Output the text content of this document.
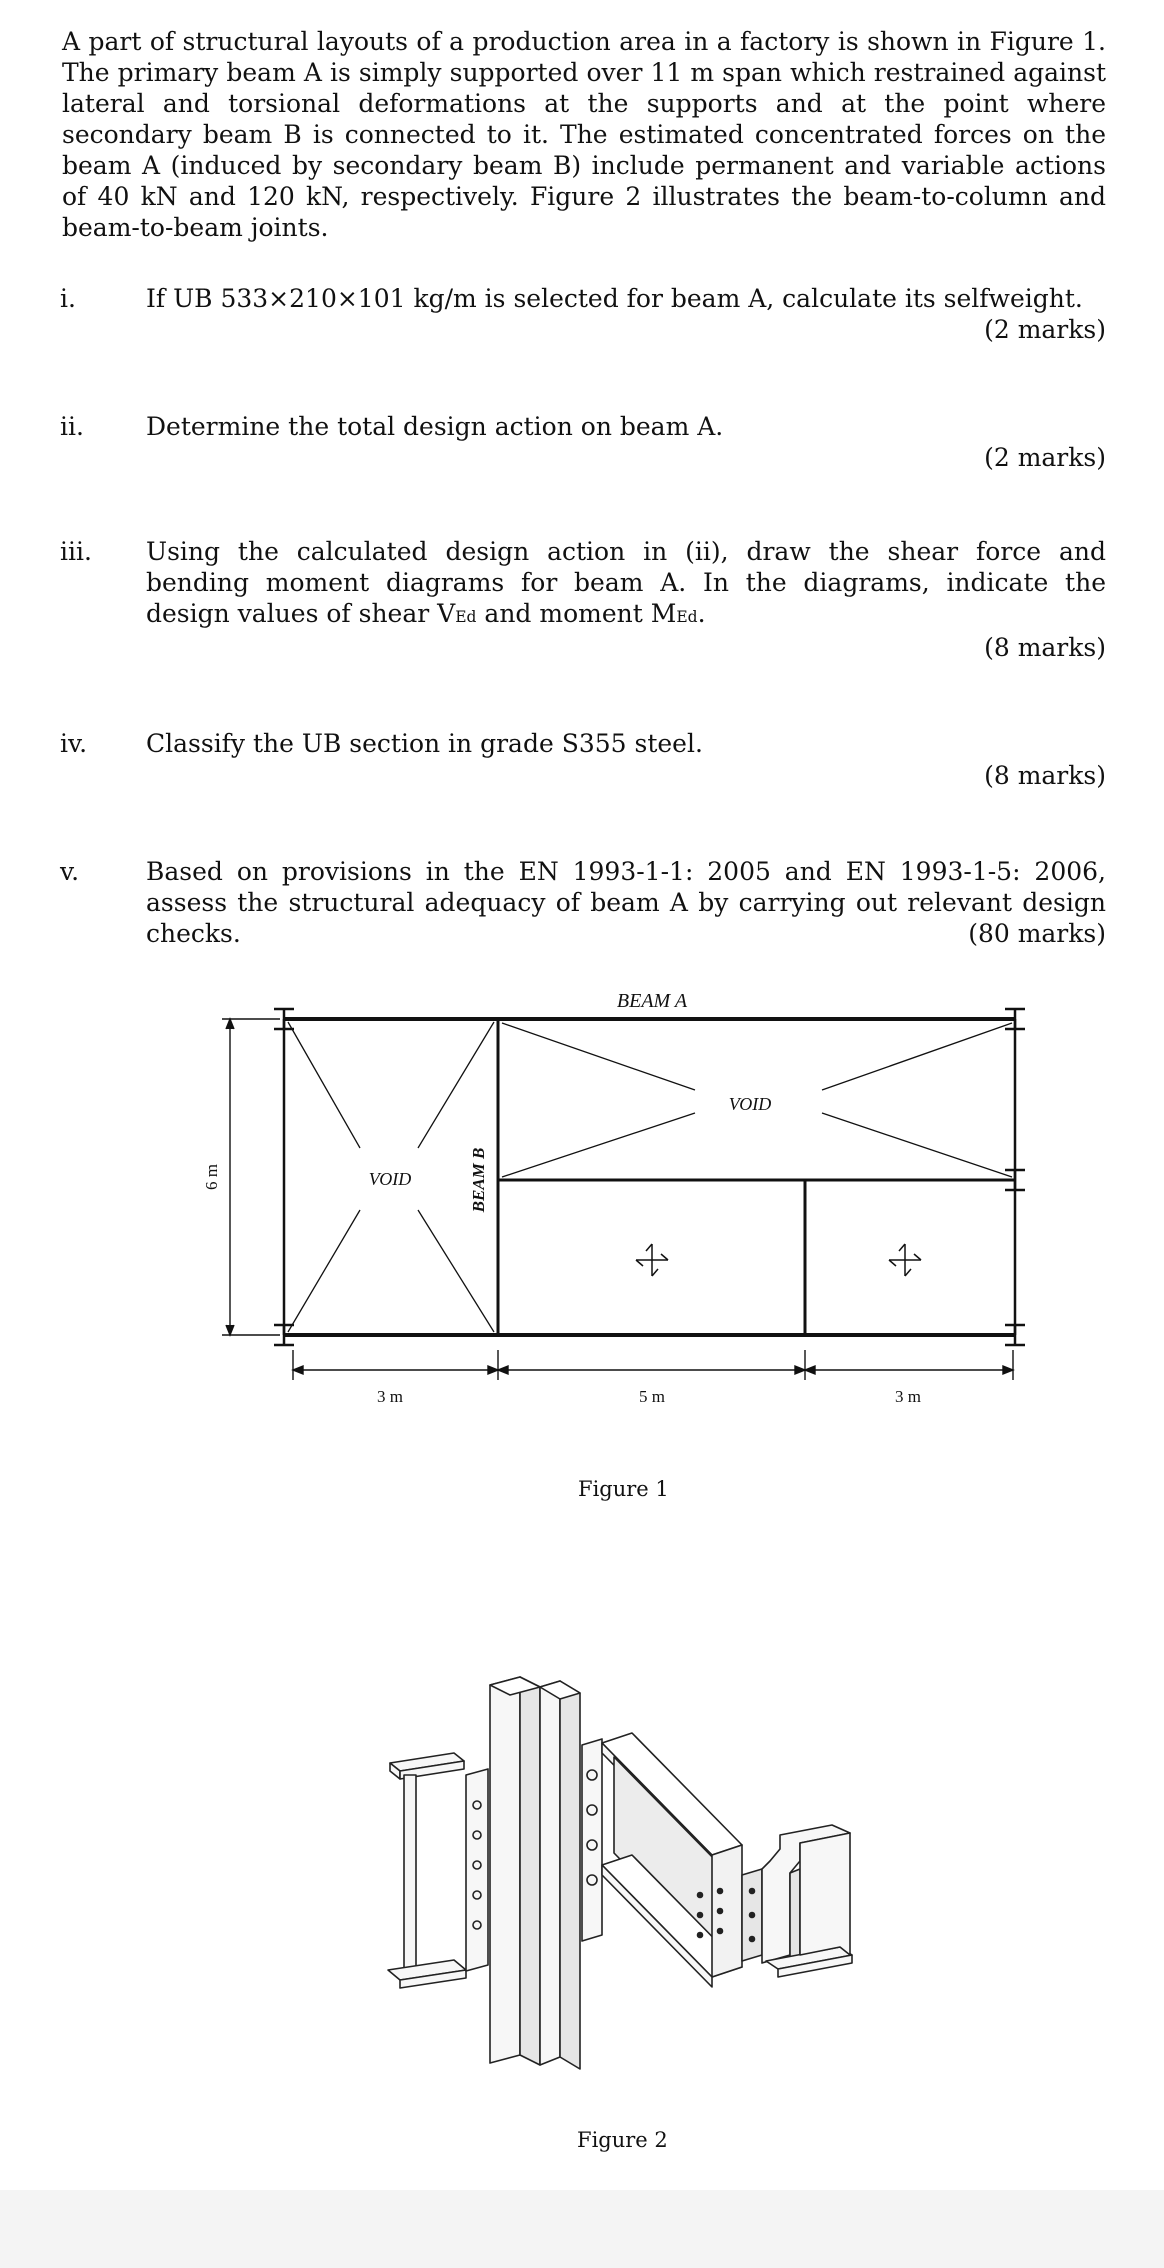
A part of structural layouts of a production area in a factory is shown in Figure 1. The primary beam A is simply supported over 11 m span which restrained against lateral and torsional deformations at the supports and at the point where secondary beam B is connected to it. The estimated concentrated forces on the beam A (induced by secondary beam B) include permanent and variable actions of 40 kN and 120 kN, respectively. Figure 2 illustrates the beam-to-column and beam-to-beam joints.

i.	If UB 533×210×101 kg/m is selected for beam A, calculate its selfweight.

(2 marks)
ii.	Determine the total design action on beam A.

(2 marks)
iii.	Using the calculated design action in (ii), draw the shear force and bending moment diagrams for beam A. In the diagrams, indicate the design values of shear VEd and moment MEd.

(8 marks)
iv.	Classify the UB section in grade S355 steel.

(8 marks)
v.	Based on provisions in the EN 1993-1-1: 2005 and EN 1993-1-5: 2006, assess the structural adequacy of beam A by carrying out relevant design checks.	(80 marks)
BEAM A
VOID
VOID	BEAM B
6 m
3 m	5 m	3 m
Figure 1
Figure 2
